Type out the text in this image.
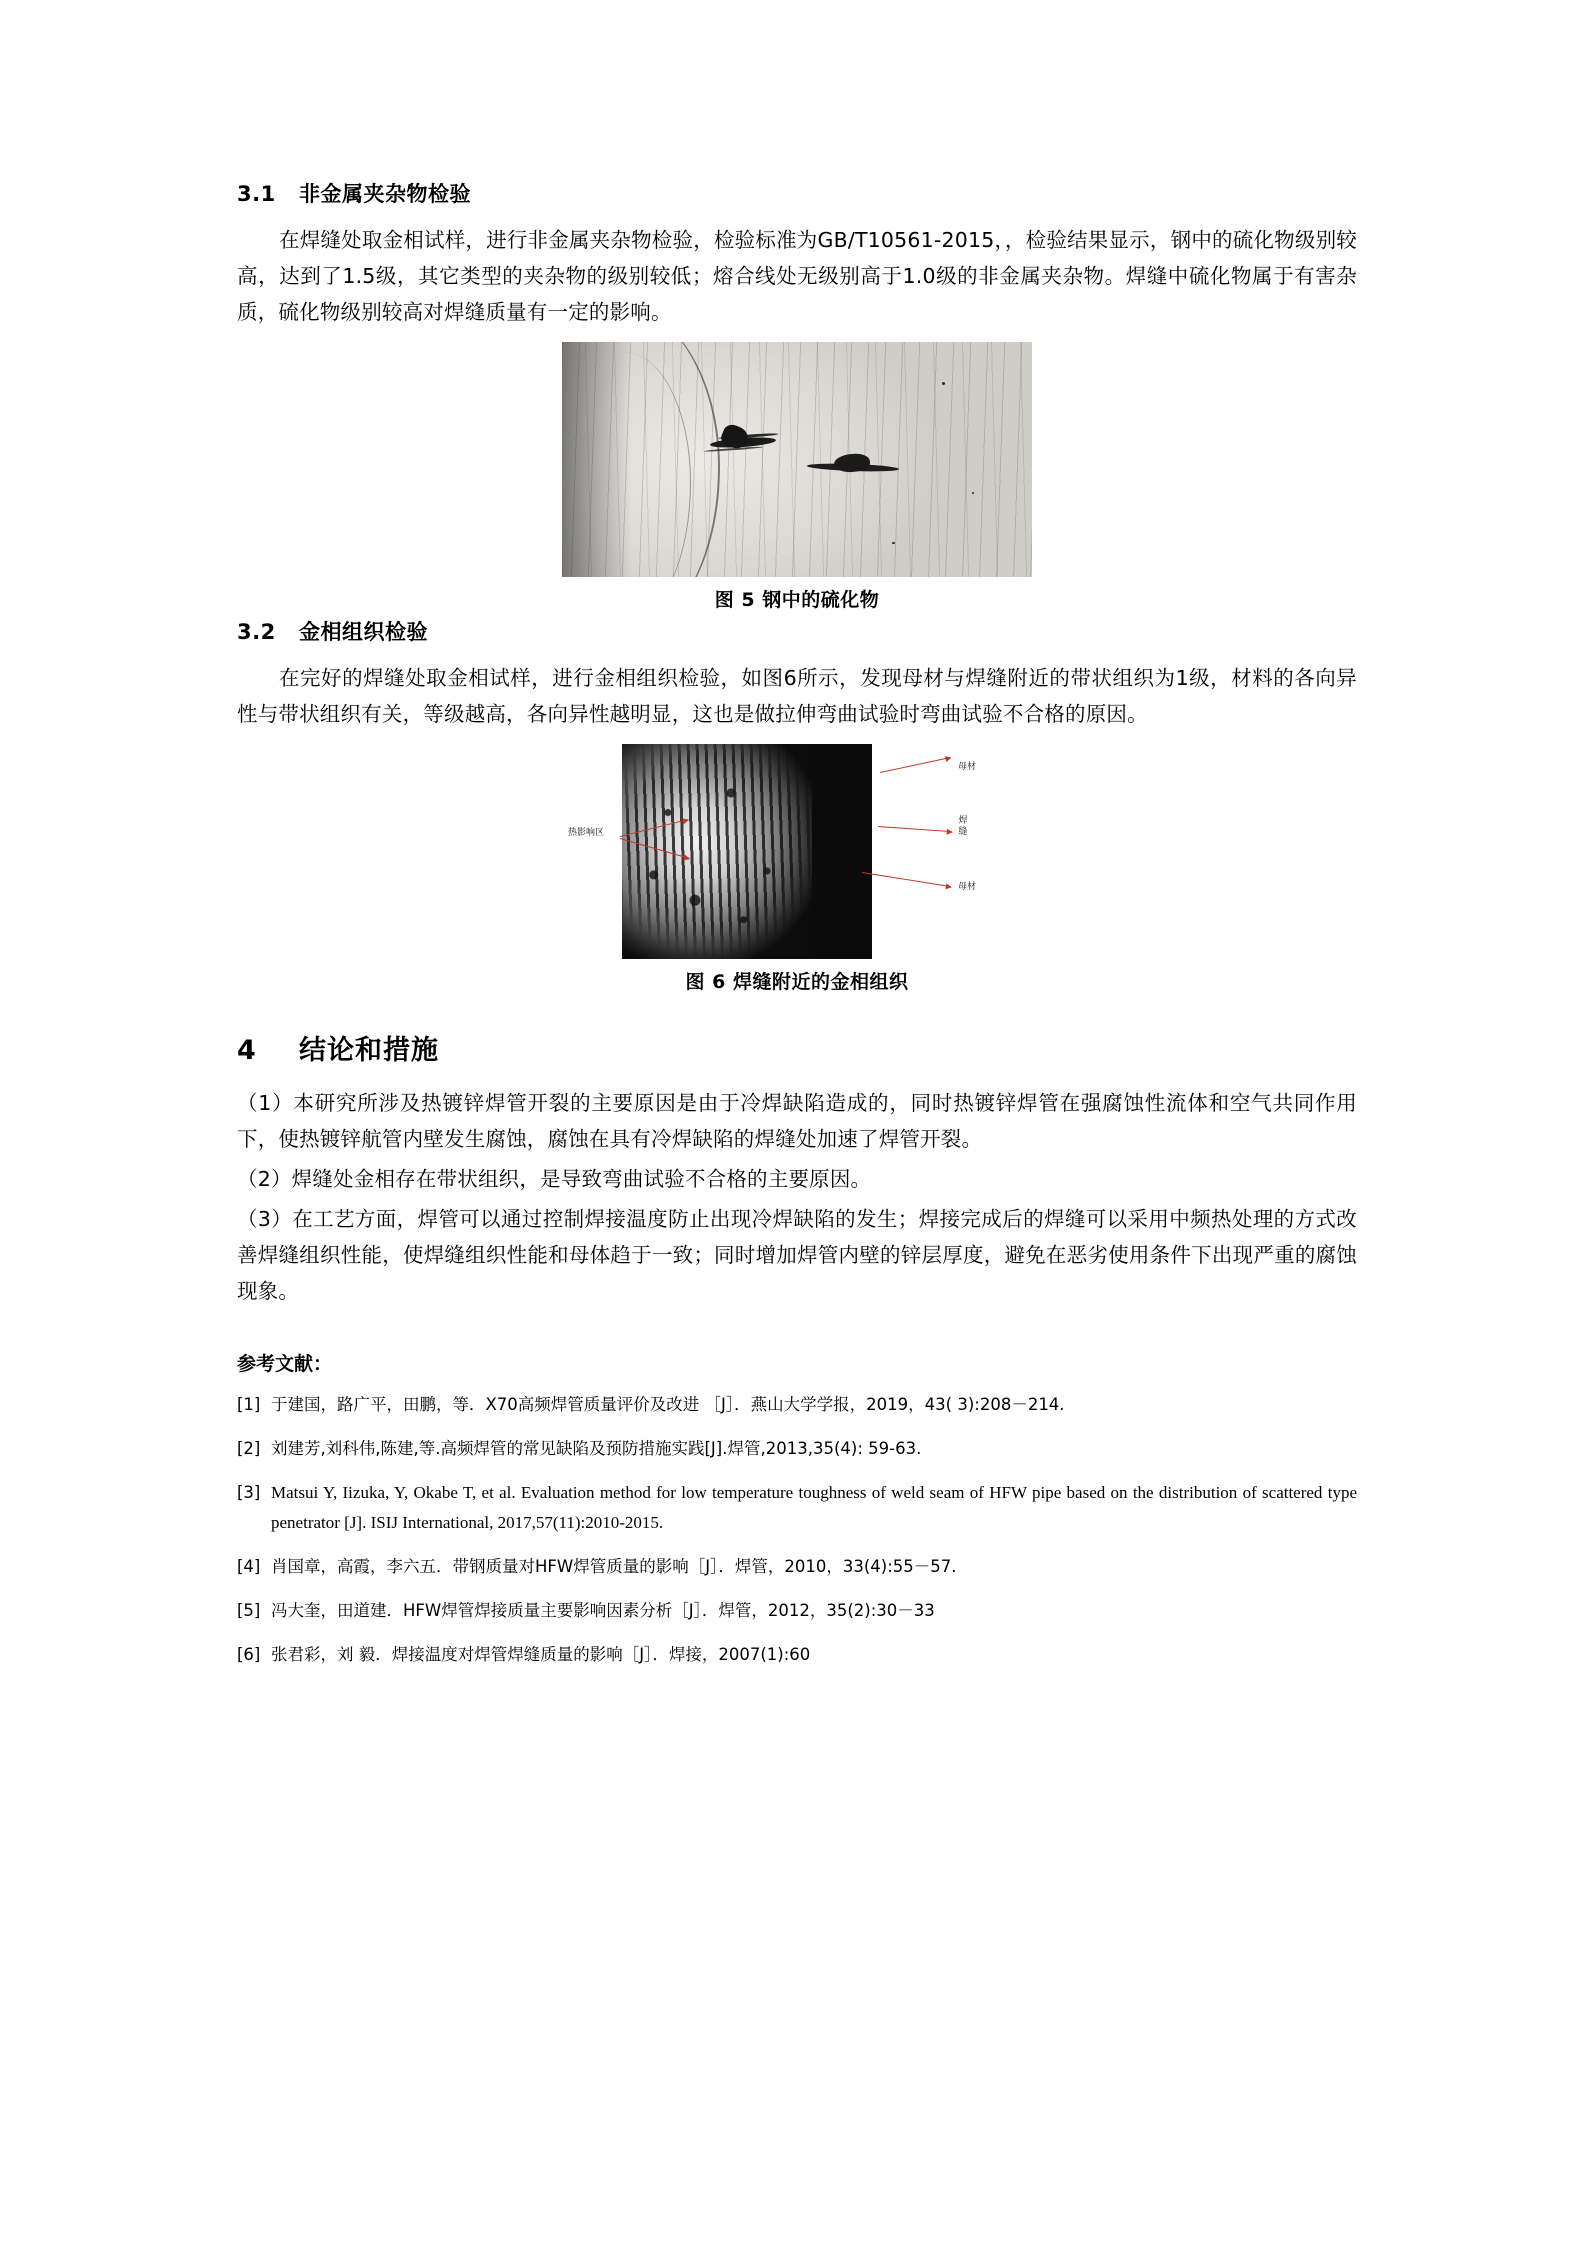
3.1 非金属夹杂物检验

在焊缝处取金相试样，进行非金属夹杂物检验，检验标准为GB/T10561-2015，，检验结果显示，钢中的硫化物级别较高，达到了1.5级，其它类型的夹杂物的级别较低；熔合线处无级别高于1.0级的非金属夹杂物。焊缝中硫化物属于有害杂质，硫化物级别较高对焊缝质量有一定的影响。

图 5 钢中的硫化物
3.2 金相组织检验

在完好的焊缝处取金相试样，进行金相组织检验，如图6所示，发现母材与焊缝附近的带状组织为1级，材料的各向异性与带状组织有关，等级越高，各向异性越明显，这也是做拉伸弯曲试验时弯曲试验不合格的原因。

母材
焊缝
母材
热影响区
图 6 焊缝附近的金相组织
4 结论和措施

（1）本研究所涉及热镀锌焊管开裂的主要原因是由于冷焊缺陷造成的，同时热镀锌焊管在强腐蚀性流体和空气共同作用下，使热镀锌航管内壁发生腐蚀，腐蚀在具有冷焊缺陷的焊缝处加速了焊管开裂。

（2）焊缝处金相存在带状组织，是导致弯曲试验不合格的主要原因。

（3）在工艺方面，焊管可以通过控制焊接温度防止出现冷焊缺陷的发生；焊接完成后的焊缝可以采用中频热处理的方式改善焊缝组织性能，使焊缝组织性能和母体趋于一致；同时增加焊管内壁的锌层厚度，避免在恶劣使用条件下出现严重的腐蚀现象。

参考文献：
[1] 于建国，路广平，田鹏，等．X70高频焊管质量评价及改进 ［J］．燕山大学学报，2019，43( 3):208－214.
[2] 刘建芳,刘科伟,陈建,等.高频焊管的常见缺陷及预防措施实践[J].焊管,2013,35(4): 59-63.
[3] Matsui Y, Iizuka, Y, Okabe T, et al. Evaluation method for low temperature toughness of weld seam of HFW pipe based on the distribution of scattered type penetrator [J]. ISIJ International, 2017,57(11):2010-2015.
[4] 肖国章，高霞，李六五．带钢质量对HFW焊管质量的影响［J］．焊管，2010，33(4):55－57.
[5] 冯大奎，田道建．HFW焊管焊接质量主要影响因素分析［J］．焊管，2012，35(2):30－33
[6] 张君彩，刘 毅．焊接温度对焊管焊缝质量的影响［J］．焊接，2007(1):60
